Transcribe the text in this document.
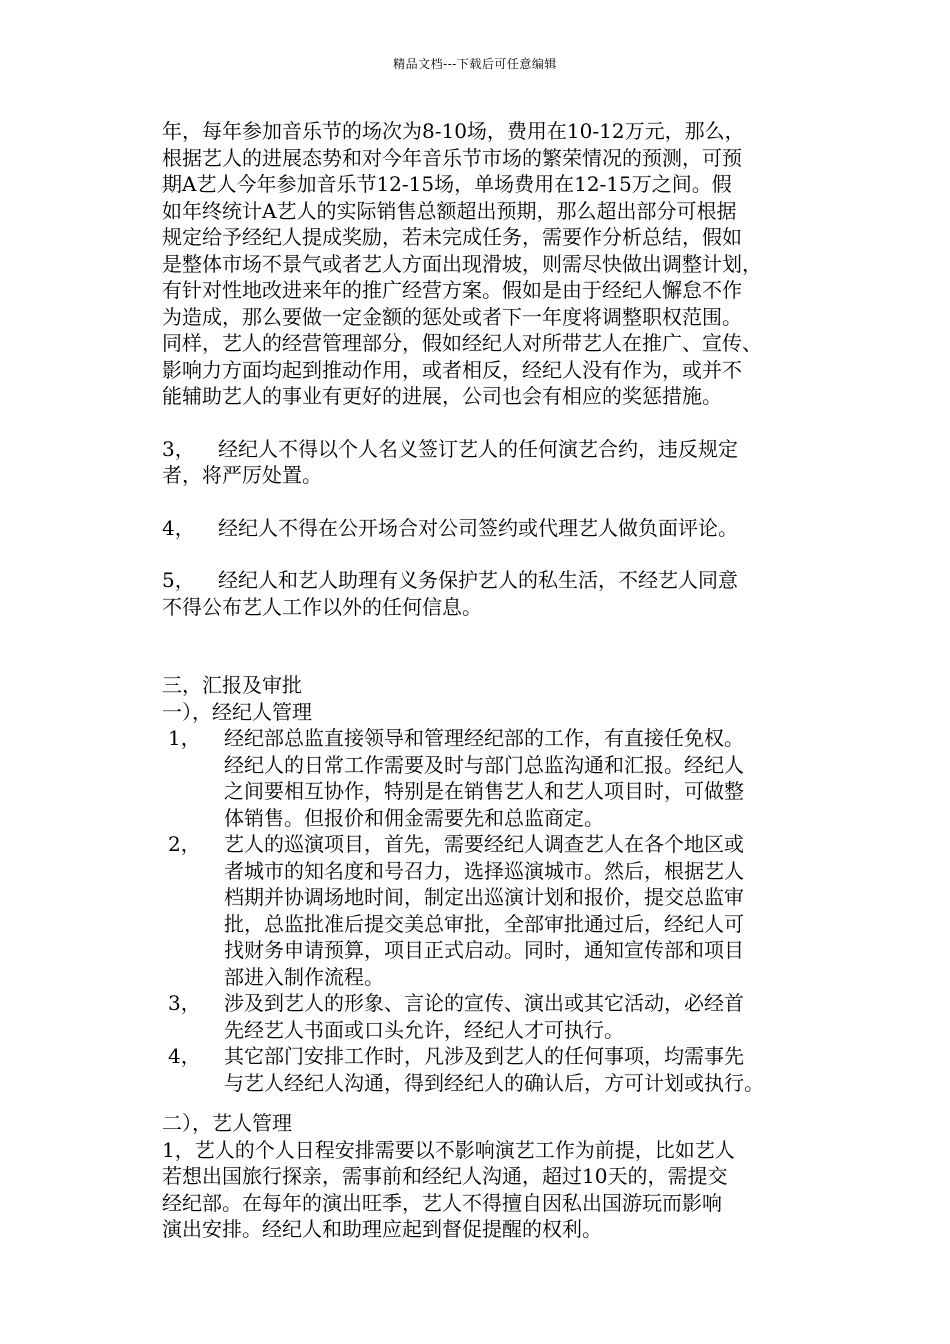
精品文档---下载后可任意编辑

年，每年参加音乐节的场次为8-10场，费用在10-12万元，那么，

根据艺人的进展态势和对今年音乐节市场的繁荣情况的预测，可预

期A艺人今年参加音乐节12-15场，单场费用在12-15万之间。假

如年终统计A艺人的实际销售总额超出预期，那么超出部分可根据

规定给予经纪人提成奖励，若未完成任务，需要作分析总结，假如

是整体市场不景气或者艺人方面出现滑坡，则需尽快做出调整计划，

有针对性地改进来年的推广经营方案。假如是由于经纪人懈怠不作

为造成，那么要做一定金额的惩处或者下一年度将调整职权范围。

同样，艺人的经营管理部分，假如经纪人对所带艺人在推广、宣传、

影响力方面均起到推动作用，或者相反，经纪人没有作为，或并不

能辅助艺人的事业有更好的进展，公司也会有相应的奖惩措施。

3， 经纪人不得以个人名义签订艺人的任何演艺合约，违反规定

者，将严厉处置。

4， 经纪人不得在公开场合对公司签约或代理艺人做负面评论。

5， 经纪人和艺人助理有义务保护艺人的私生活，不经艺人同意

不得公布艺人工作以外的任何信息。

三，汇报及审批

一），经纪人管理

1，	经纪部总监直接领导和管理经纪部的工作，有直接任免权。

经纪人的日常工作需要及时与部门总监沟通和汇报。经纪人

之间要相互协作，特别是在销售艺人和艺人项目时，可做整

体销售。但报价和佣金需要先和总监商定。

2，	艺人的巡演项目，首先，需要经纪人调查艺人在各个地区或

者城市的知名度和号召力，选择巡演城市。然后，根据艺人

档期并协调场地时间，制定出巡演计划和报价，提交总监审

批，总监批准后提交美总审批，全部审批通过后，经纪人可

找财务申请预算，项目正式启动。同时，通知宣传部和项目

部进入制作流程。

3，	涉及到艺人的形象、言论的宣传、演出或其它活动，必经首

先经艺人书面或口头允许，经纪人才可执行。

4，	其它部门安排工作时，凡涉及到艺人的任何事项，均需事先

与艺人经纪人沟通，得到经纪人的确认后，方可计划或执行。

二），艺人管理

1，艺人的个人日程安排需要以不影响演艺工作为前提，比如艺人

若想出国旅行探亲，需事前和经纪人沟通，超过10天的，需提交

经纪部。在每年的演出旺季，艺人不得擅自因私出国游玩而影响

演出安排。经纪人和助理应起到督促提醒的权利。
